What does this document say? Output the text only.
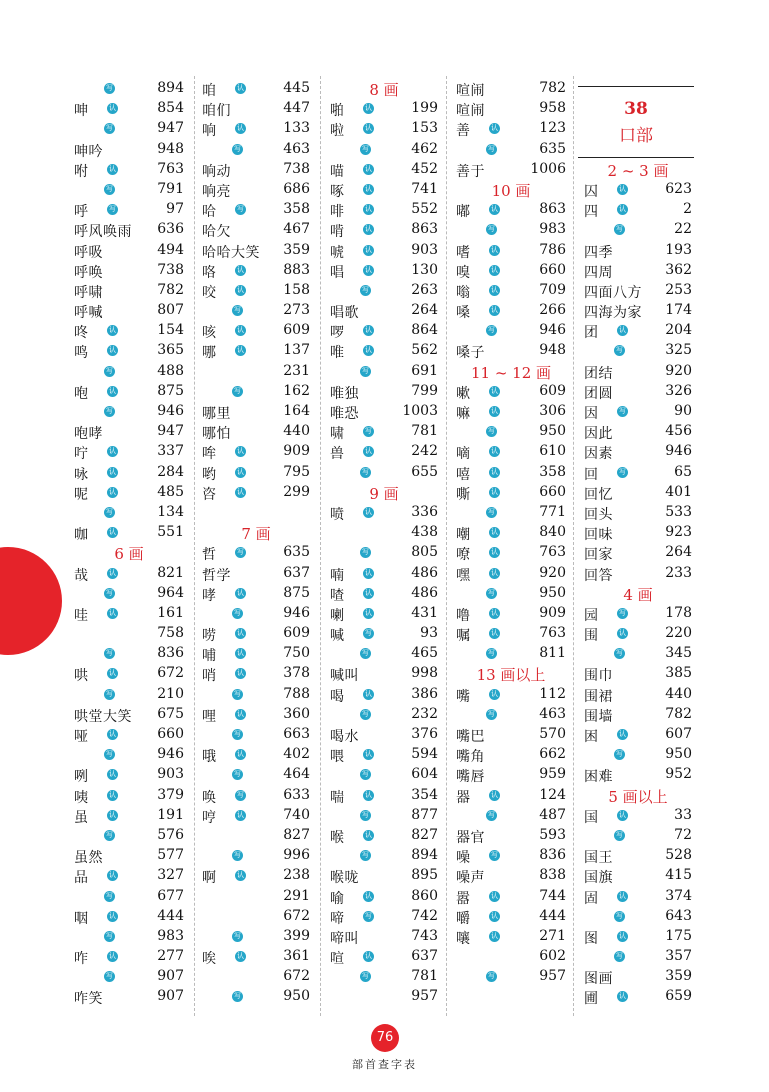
写	894
呻	认	854
写	947
呻吟	948
咐	认	763
写	791
呼	写	97
呼风唤雨 636
呼吸	494
呼唤	738
呼啸	782
呼喊	807
咚	认	154
鸣	认	365
写	488
咆	认	875
写	946
咆哮	947
咛	认	337
咏	认	284
呢	认	485
写	134
咖	认	551
6 画
哉	认	821
写	964
哇	认	161
758
写	836
哄	认	672
写	210
哄堂大笑 675
哑	认	660
写	946
咧	认	903
咦	认	379
虽	认	191
写	576
虽然	577
品	认	327
写	677
咽	认	444
写	983
咋	认	277
写	907
咋笑	907
咱	认	445
咱们	447
响	认	133
写	463
响动	738
响亮	686
哈	写	358
哈欠	467
哈哈大笑 359
咯	认	883
咬	认	158
写	273
咳	认	609
哪	认	137
231
写	162
哪里	164
哪怕	440
哞	认	909
哟	认	795
咨	认	299
7 画
哲	写	635
哲学	637
哮	认	875
写	946
唠	认	609
哺	认	750
哨	认	378
写	788
哩	认	360
写	663
哦	认	402
写	464
唤	写	633
哼	认	740
827
写	996
啊	认	238
291
672
写	399
唉	认	361
672
写	950
8 画
啪	认	199
啦	认	153
写	462
喵	认	452
啄	认	741
啡	认	552
啃	认	863
唬	认	903
唱	认	130
写	263
唱歌	264
啰	认	864
唯	认	562
写	691
唯独	799
唯恐	1003
啸	写	781
兽	认	242
写	655
9 画
喷	认	336
438
写	805
喃	认	486
喳	认	486
喇	认	431
喊	写	93
写	465
喊叫	998
喝	认	386
写	232
喝水	376
喂	认	594
写	604
喘	认	354
写	877
喉	认	827
写	894
喉咙	895
喻	认	860
啼	写	742
啼叫	743
喧	认	637
写	781
957
喧闹	782
喧闹	958
善	认	123
写	635
善于	1006
10 画
嘟	认	863
写	983
嗜	认	786
嗅	认	660
嗡	认	709
嗓	认	266
写	946
嗓子	948
11 ~ 12 画
嗽	认	609
嘛	认	306
写	950
嘀	认	610
嘻	认	358
嘶	认	660
写	771
嘲	认	840
嘹	认	763
嘿	认	920
写	950
噜	认	909
嘱	认	763
写	811
13 画以上
嘴	认	112
写	463
嘴巴	570
嘴角	662
嘴唇	959
器	认	124
写	487
器官	593
噪	写	836
噪声	838
嚣	认	744
嚼	认	444
嚷	认	271
602
写	957
2 ~ 3 画
囚	认	623
四	认	2
写	22
四季	193
四周	362
四面八方 253
四海为家 174
团	认	204
写	325
团结	920
团圆	326
因	写	90
因此	456
因素	946
回	写	65
回忆	401
回头	533
回味	923
回家	264
回答	233
4 画
园	写	178
围	认	220
写	345
围巾	385
围裙	440
围墙	782
困	认	607
写	950
困难	952
5 画以上
国	认	33
写	72
国王	528
国旗	415
固	认	374
写	643
图	认	175
写	357
图画	359
圃	认	659
38
口部
76
部首查字表
